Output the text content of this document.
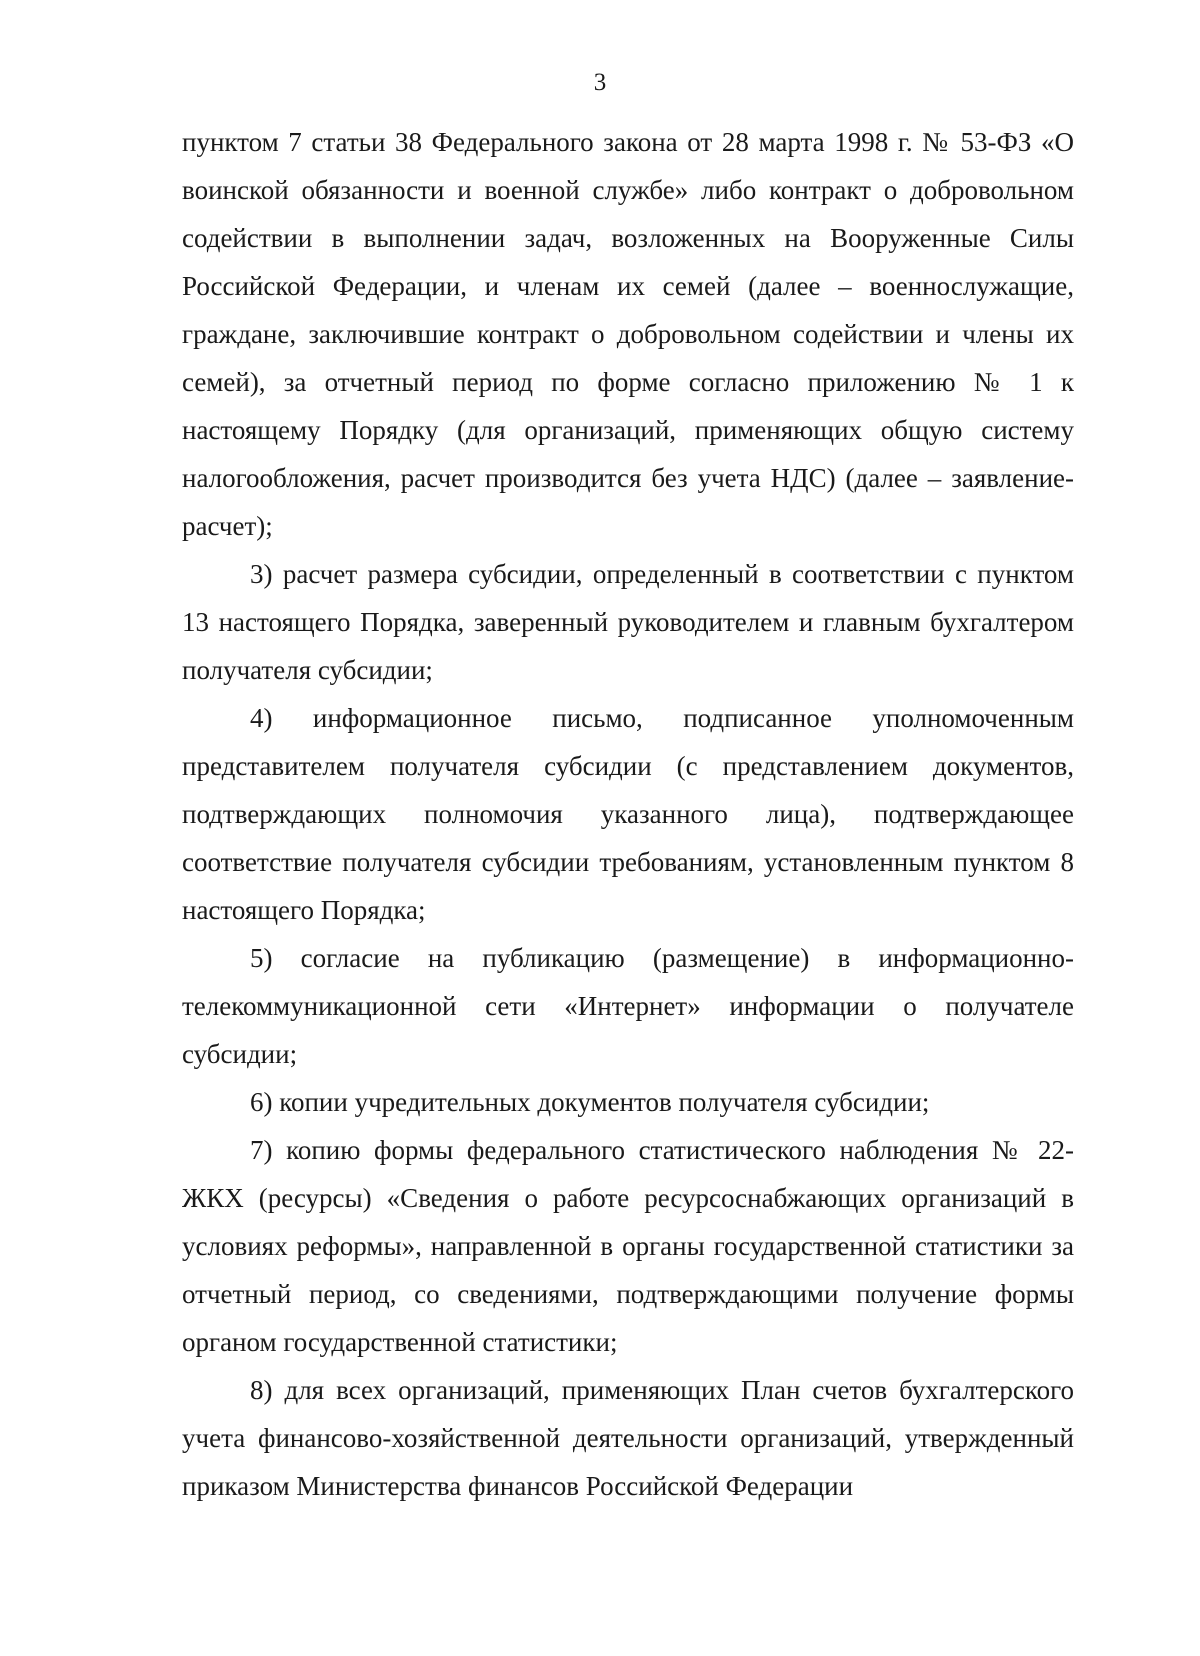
3

пунктом 7 статьи 38 Федерального закона от 28 марта 1998 г. № 53-ФЗ «О воинской обязанности и военной службе» либо контракт о добровольном содействии в выполнении задач, возложенных на Вооруженные Силы Российской Федерации, и членам их семей (далее – военнослужащие, граждане, заключившие контракт о добровольном содействии и члены их семей), за отчетный период по форме согласно приложению № 1 к настоящему Порядку (для организаций, применяющих общую систему налогообложения, расчет производится без учета НДС) (далее – заявление-расчет);

3) расчет размера субсидии, определенный в соответствии с пунктом 13 настоящего Порядка, заверенный руководителем и главным бухгалтером получателя субсидии;

4) информационное письмо, подписанное уполномоченным представителем получателя субсидии (с представлением документов, подтверждающих полномочия указанного лица), подтверждающее соответствие получателя субсидии требованиям, установленным пунктом 8 настоящего Порядка;

5) согласие на публикацию (размещение) в информационно-телекоммуникационной сети «Интернет» информации о получателе субсидии;

6) копии учредительных документов получателя субсидии;

7) копию формы федерального статистического наблюдения № 22-ЖКХ (ресурсы) «Сведения о работе ресурсоснабжающих организаций в условиях реформы», направленной в органы государственной статистики за отчетный период, со сведениями, подтверждающими получение формы органом государственной статистики;

8) для всех организаций, применяющих План счетов бухгалтерского учета финансово-хозяйственной деятельности организаций, утвержденный приказом Министерства финансов Российской Федерации
